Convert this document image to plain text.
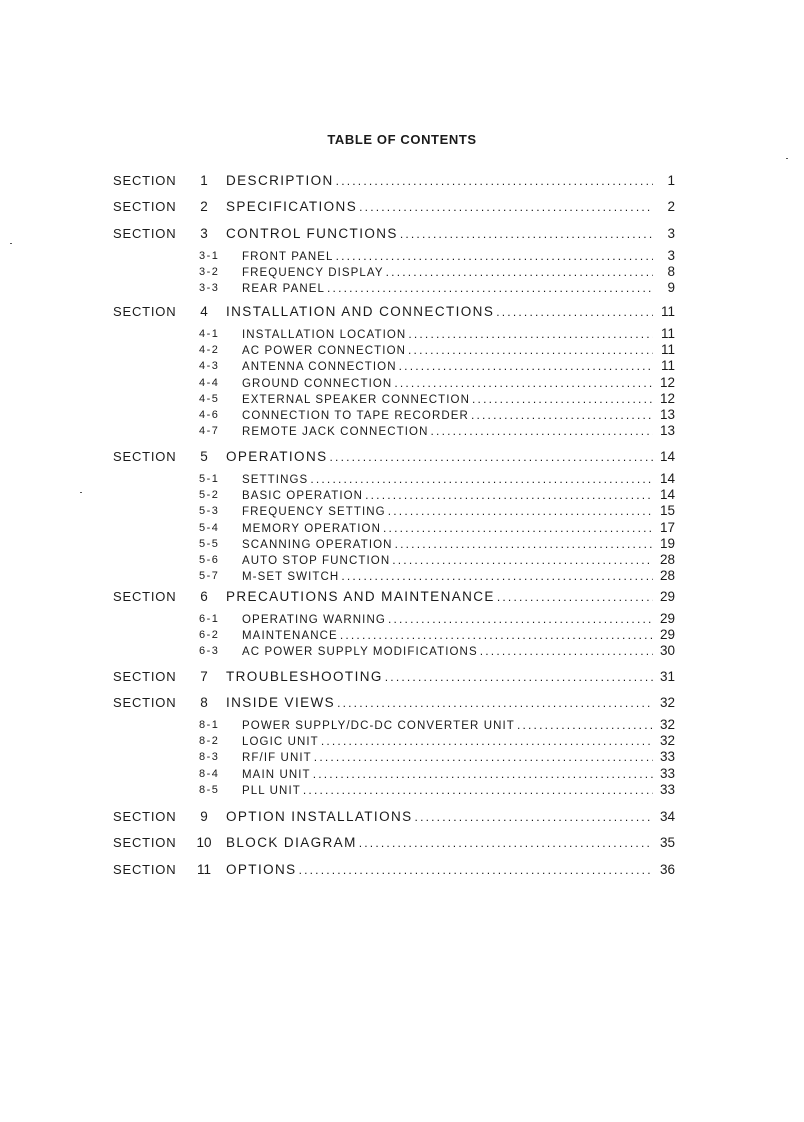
TABLE OF CONTENTS
SECTION	1	DESCRIPTION .....	1
SECTION	2	SPECIFICATIONS .....	2
SECTION	3	CONTROL FUNCTIONS .....	3
3-1 FRONT PANEL .....	3
3-2 FREQUENCY DISPLAY .....	8
3-3 REAR PANEL .....	9
SECTION	4	INSTALLATION AND CONNECTIONS .....	11
4-1 INSTALLATION LOCATION .....	11
4-2 AC POWER CONNECTION .....	11
4-3 ANTENNA CONNECTION .....	11
4-4 GROUND CONNECTION .....	12
4-5 EXTERNAL SPEAKER CONNECTION .....	12
4-6 CONNECTION TO TAPE RECORDER .....	13
4-7 REMOTE JACK CONNECTION .....	13
SECTION	5	OPERATIONS .....	14
5-1 SETTINGS .....	14
5-2 BASIC OPERATION .....	14
5-3 FREQUENCY SETTING .....	15
5-4 MEMORY OPERATION .....	17
5-5 SCANNING OPERATION .....	19
5-6 AUTO STOP FUNCTION .....	28
5-7 M-SET SWITCH .....	28
SECTION	6	PRECAUTIONS AND MAINTENANCE .....	29
6-1 OPERATING WARNING .....	29
6-2 MAINTENANCE .....	29
6-3 AC POWER SUPPLY MODIFICATIONS .....	30
SECTION	7	TROUBLESHOOTING .....	31
SECTION	8	INSIDE VIEWS .....	32
8-1 POWER SUPPLY/DC-DC CONVERTER UNIT .....	32
8-2 LOGIC UNIT .....	32
8-3 RF/IF UNIT .....	33
8-4 MAIN UNIT .....	33
8-5 PLL UNIT .....	33
SECTION	9	OPTION INSTALLATIONS .....	34
SECTION	10	BLOCK DIAGRAM .....	35
SECTION	11	OPTIONS .....	36
